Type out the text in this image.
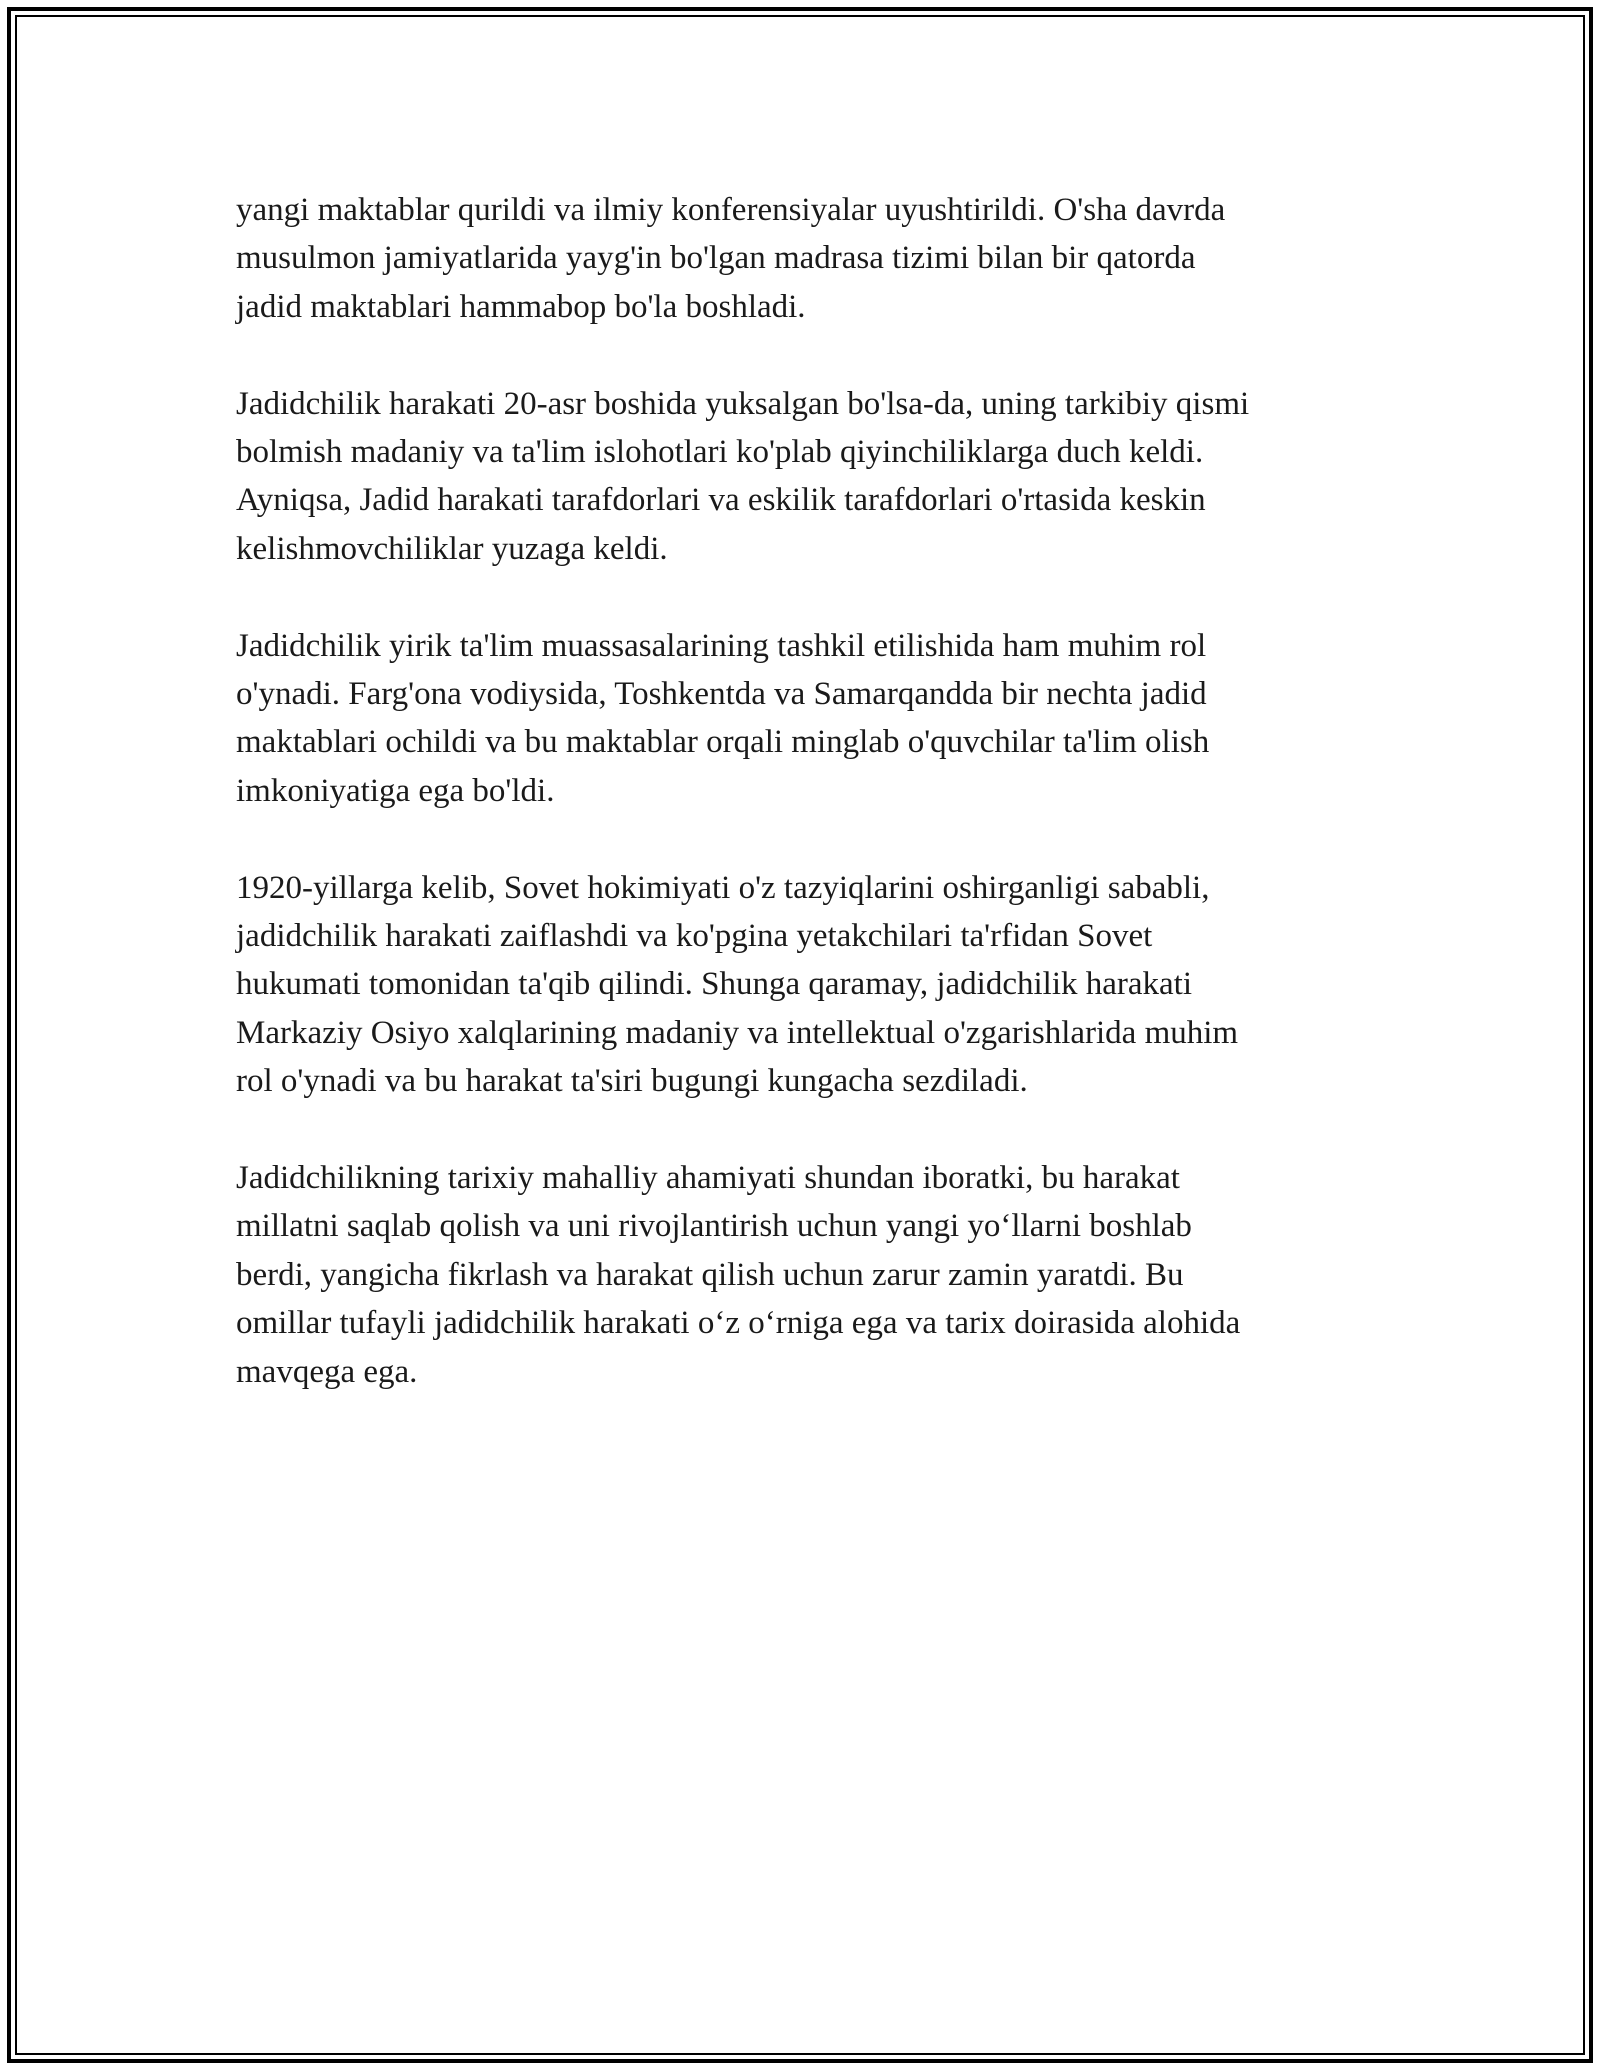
yangi maktablar qurildi va ilmiy konferensiyalar uyushtirildi. O'sha davrda
musulmon jamiyatlarida yayg'in bo'lgan madrasa tizimi bilan bir qatorda
jadid maktablari hammabop bo'la boshladi.

Jadidchilik harakati 20-asr boshida yuksalgan bo'lsa-da, uning tarkibiy qismi
bolmish madaniy va ta'lim islohotlari ko'plab qiyinchiliklarga duch keldi.
Ayniqsa, Jadid harakati tarafdorlari va eskilik tarafdorlari o'rtasida keskin
kelishmovchiliklar yuzaga keldi.

Jadidchilik yirik ta'lim muassasalarining tashkil etilishida ham muhim rol
o'ynadi. Farg'ona vodiysida, Toshkentda va Samarqandda bir nechta jadid
maktablari ochildi va bu maktablar orqali minglab o'quvchilar ta'lim olish
imkoniyatiga ega bo'ldi.

1920-yillarga kelib, Sovet hokimiyati o'z tazyiqlarini oshirganligi sababli,
jadidchilik harakati zaiflashdi va ko'pgina yetakchilari ta'rfidan Sovet
hukumati tomonidan ta'qib qilindi. Shunga qaramay, jadidchilik harakati
Markaziy Osiyo xalqlarining madaniy va intellektual o'zgarishlarida muhim
rol o'ynadi va bu harakat ta'siri bugungi kungacha sezdiladi.

Jadidchilikning tarixiy mahalliy ahamiyati shundan iboratki, bu harakat
millatni saqlab qolish va uni rivojlantirish uchun yangi yo‘llarni boshlab
berdi, yangicha fikrlash va harakat qilish uchun zarur zamin yaratdi. Bu
omillar tufayli jadidchilik harakati o‘z o‘rniga ega va tarix doirasida alohida
mavqega ega.
